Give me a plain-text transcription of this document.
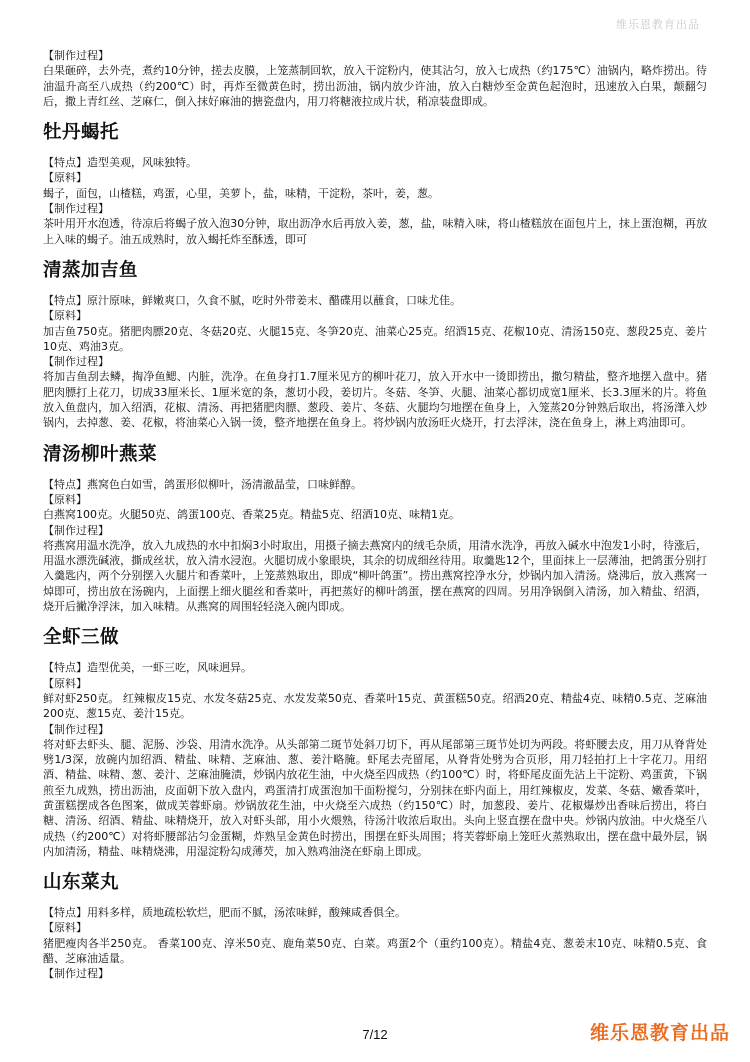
维乐恩教育出品
【制作过程】
白果砸碎，去外壳，煮约10分钟，搓去皮膜，上笼蒸制回软，放入干淀粉内，使其沾匀，放入七成热（约175℃）油锅内，略炸捞出。待油温升高至八成热（约200℃）时，再炸至微黄色时，捞出沥油，锅内放少许油，放入白糖炒至金黄色起泡时，迅速放入白果，颠翻匀后，撒上青红丝、芝麻仁，倒入抹好麻油的搪瓷盘内，用刀将糖液拉成片状，稍凉装盘即成。
牡丹蝎托
【特点】造型美观，风味独特。
【原料】
蝎子，面包，山楂糕，鸡蛋，心里，美萝卜，盐，味精，干淀粉，茶叶，姜，葱。
【制作过程】
茶叶用开水泡透，待凉后将蝎子放入泡30分钟，取出沥净水后再放入姜，葱，盐，味精入味，将山楂糕放在面包片上，抹上蛋泡糊，再放上入味的蝎子。油五成熟时，放入蝎托炸至酥透，即可
清蒸加吉鱼
【特点】原汁原味，鲜嫩爽口，久食不腻，吃时外带姜末、醋碟用以蘸食，口味尤佳。
【原料】
加吉鱼750克。猪肥肉膘20克、冬菇20克、火腿15克、冬笋20克、油菜心25克。绍酒15克、花椒10克、清汤150克、葱段25克、姜片10克、鸡油3克。
【制作过程】
将加吉鱼刮去鳞，掏净鱼鳃、内脏，洗净。在鱼身打1.7厘米见方的柳叶花刀，放入开水中一烫即捞出，撒匀精盐，整齐地摆入盘中。猪肥肉膘打上花刀，切成33厘米长、1厘米宽的条，葱切小段，姜切片。冬菇、冬笋、火腿、油菜心都切成宽1厘米、长3.3厘米的片。将鱼放入鱼盘内，加入绍酒，花椒、清汤、再把猪肥肉膘、葱段、姜片、冬菇、火腿均匀地摆在鱼身上，入笼蒸20分钟熟后取出，将汤潷入炒锅内，去掉葱、姜、花椒，将油菜心入锅一烫，整齐地摆在鱼身上。将炒锅内放汤旺火烧开，打去浮沫，浇在鱼身上，淋上鸡油即可。
清汤柳叶燕菜
【特点】燕窝色白如雪，鸽蛋形似柳叶，汤清澈晶莹，口味鲜醇。
【原料】
白燕窝100克。火腿50克、鸽蛋100克、香菜25克。精盐5克、绍酒10克、味精1克。
【制作过程】
将燕窝用温水洗净，放入九成热的水中扣焖3小时取出，用摄子摘去燕窝内的绒毛杂质，用清水洗净，再放入碱水中泡发1小时，待涨后，用温水漂洗碱液，撕成丝状，放入清水浸泡。火腿切成小象眼块，其余的切成细丝待用。取羹匙12个，里面抹上一层薄油，把鸽蛋分别打入羹匙内，两个分别摆入火腿片和香菜叶，上笼蒸熟取出，即成“柳叶鸽蛋”。捞出燕窝控净水分，炒锅内加入清汤。烧沸后，放入燕窝一焯即可，捞出放在汤碗内，上面摆上细火腿丝和香菜叶，再把蒸好的柳叶鸽蛋，摆在燕窝的四周。另用净锅倒入清汤，加入精盐、绍酒，烧开后撇净浮沫，加入味精。从燕窝的周围轻轻浇入碗内即成。
全虾三做
【特点】造型优美，一虾三吃，风味迥异。
【原料】
鲜对虾250克。 红辣椒皮15克、水发冬菇25克、水发发菜50克、香菜叶15克、黄蛋糕50克。绍酒20克、精盐4克、味精0.5克、芝麻油200克、葱15克、姜汁15克。
【制作过程】
将对虾去虾头、腿、泥肠、沙袋、用清水洗净。从头部第二斑节处斜刀切下，再从尾部第三斑节处切为两段。将虾腰去皮，用刀从脊背处劈1/3深，放碗内加绍酒、精盐、味精、芝麻油、葱、姜汁略腌。虾尾去壳留尾，从脊背处劈为合页形，用刀轻拍打上十字花刀。用绍酒、精盐、味精、葱、姜汁、芝麻油腌渍，炒锅内放花生油，中火烧至四成热（约100℃）时，将虾尾皮面先沾上干淀粉、鸡蛋黄，下锅煎至九成熟，捞出沥油，皮面朝下放入盘内，鸡蛋清打成蛋泡加干面粉搅匀，分别抹在虾内面上，用红辣椒皮，发菜、冬菇、嫩香菜叶，黄蛋糕摆成各色图案，做成芙蓉虾扇。炒锅放花生油，中火烧至六成热（约150℃）时，加葱段、姜片、花椒爆炒出香味后捞出，将白糖、清汤、绍酒、精盐、味精烧开，放入对虾头部，用小火煨熟，待汤汁收浓后取出。头向上竖直摆在盘中央。炒锅内放油。中火烧至八成热（约200℃）对将虾腰部沾匀金蛋糊，炸熟呈金黄色时捞出，围摆在虾头周围；将芙蓉虾扇上笼旺火蒸熟取出，摆在盘中最外层，锅内加清汤，精盐、味精烧沸，用湿淀粉勾成薄芡，加入熟鸡油浇在虾扇上即成。
山东菜丸
【特点】用料多样，质地疏松软烂，肥而不腻，汤浓味鲜，酸辣咸香俱全。
【原料】
猪肥瘦肉各半250克。 香菜100克、淳米50克、鹿角菜50克、白菜。鸡蛋2个（重约100克）。精盐4克、葱姜末10克、味精0.5克、食醋、芝麻油适量。
【制作过程】
7/12	维乐恩教育出品
